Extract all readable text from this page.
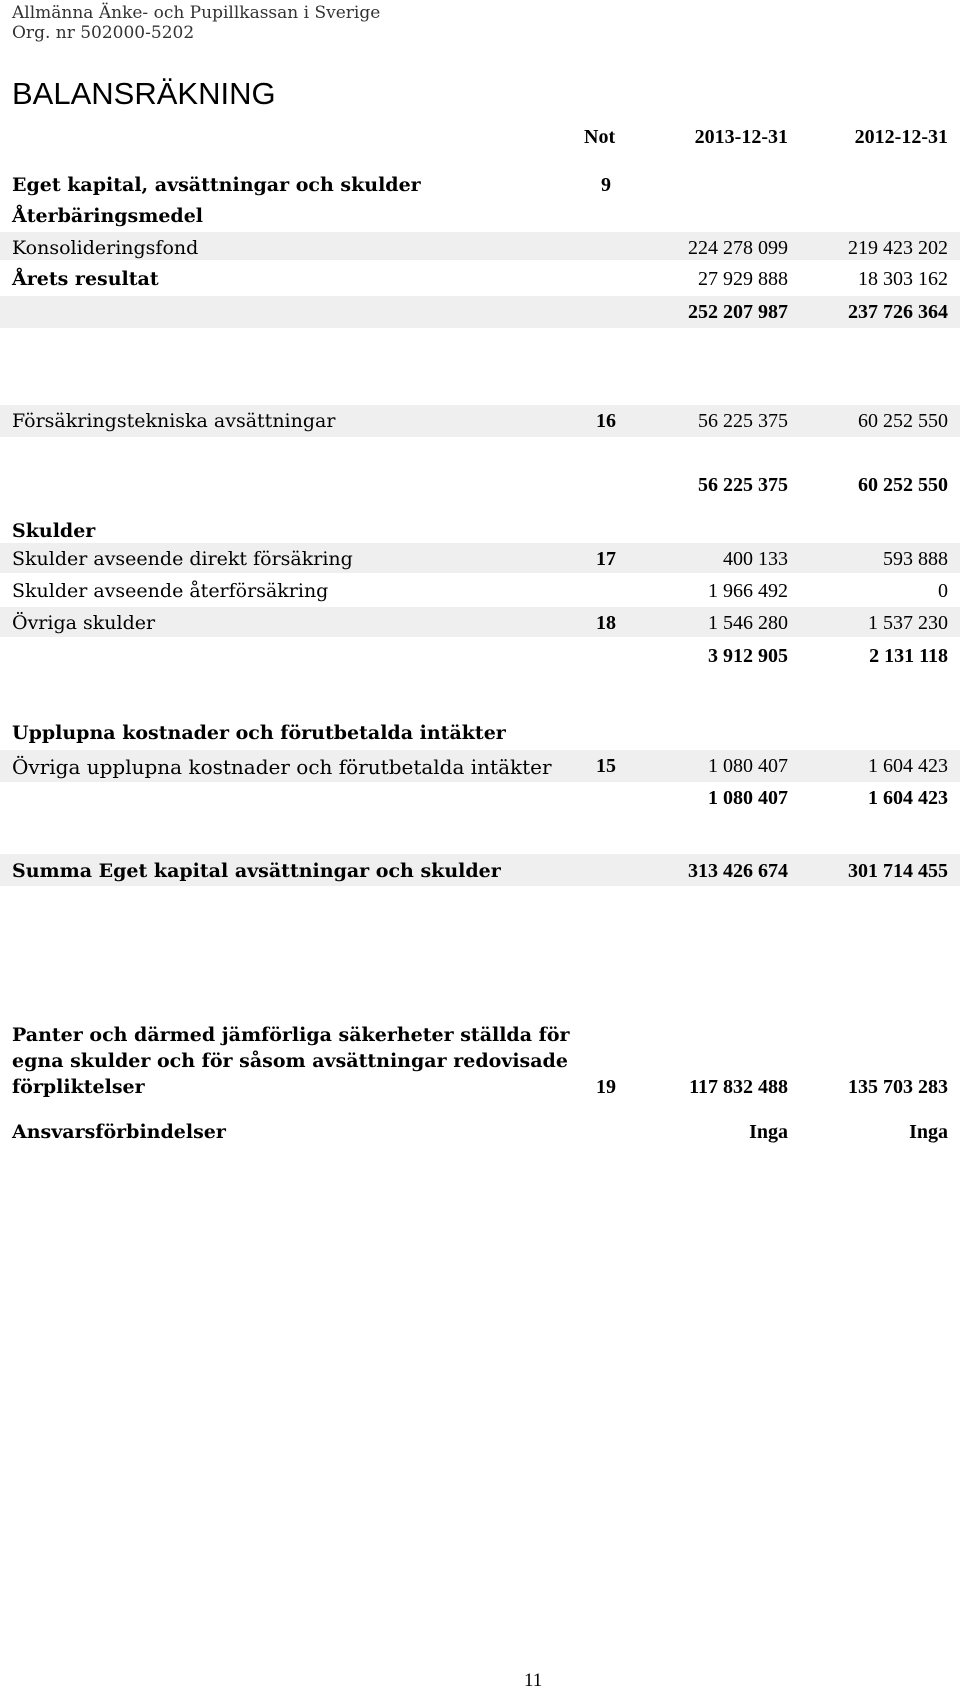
Allmänna Änke- och Pupillkassan i Sverige
Org. nr 502000-5202
BALANSRÄKNING
Not	2013-12-31	2012-12-31
Eget kapital, avsättningar och skulder	9
Återbäringsmedel
Konsolideringsfond	224 278 099	219 423 202
Årets resultat	27 929 888	18 303 162
252 207 987	237 726 364
Försäkringstekniska avsättningar	16	56 225 375	60 252 550
56 225 375	60 252 550
Skulder
Skulder avseende direkt försäkring	17	400 133	593 888
Skulder avseende återförsäkring	1 966 492	0
Övriga skulder	18	1 546 280	1 537 230
3 912 905	2 131 118
Upplupna kostnader och förutbetalda intäkter
Övriga upplupna kostnader och förutbetalda intäkter 15	1 080 407	1 604 423
1 080 407	1 604 423
Summa Eget kapital avsättningar och skulder	313 426 674	301 714 455
Panter och därmed jämförliga säkerheter ställda för
egna skulder och för såsom avsättningar redovisade
förpliktelser	19	117 832 488	135 703 283
Ansvarsförbindelser	Inga	Inga
11
